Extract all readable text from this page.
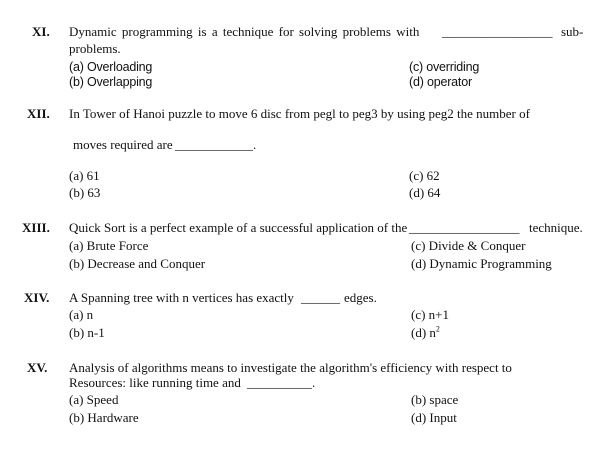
XI. Dynamic programming is a technique for solving problems with _________________ sub-
problems.
(a) Overloading
(b) Overlapping
(c) overriding
(d) operator
XII. In Tower of Hanoi puzzle to move 6 disc from pegl to peg3 by using peg2 the number of
moves required are ____________.
(a) 61
(b) 63
(c) 62
(d) 64
XIII. Quick Sort is a perfect example of a successful application of the _________________ technique.
(a) Brute Force
(b) Decrease and Conquer
(c) Divide & Conquer
(d) Dynamic Programming
XIV. A Spanning tree with n vertices has exactly ______ edges.
(a) n
(b) n-1
(c) n+1
(d) $n^2$
XV. Analysis of algorithms means to investigate the algorithm's efficiency with respect to
Resources: like running time and __________.
(a) Speed
(b) Hardware
(b) space
(d) Input
